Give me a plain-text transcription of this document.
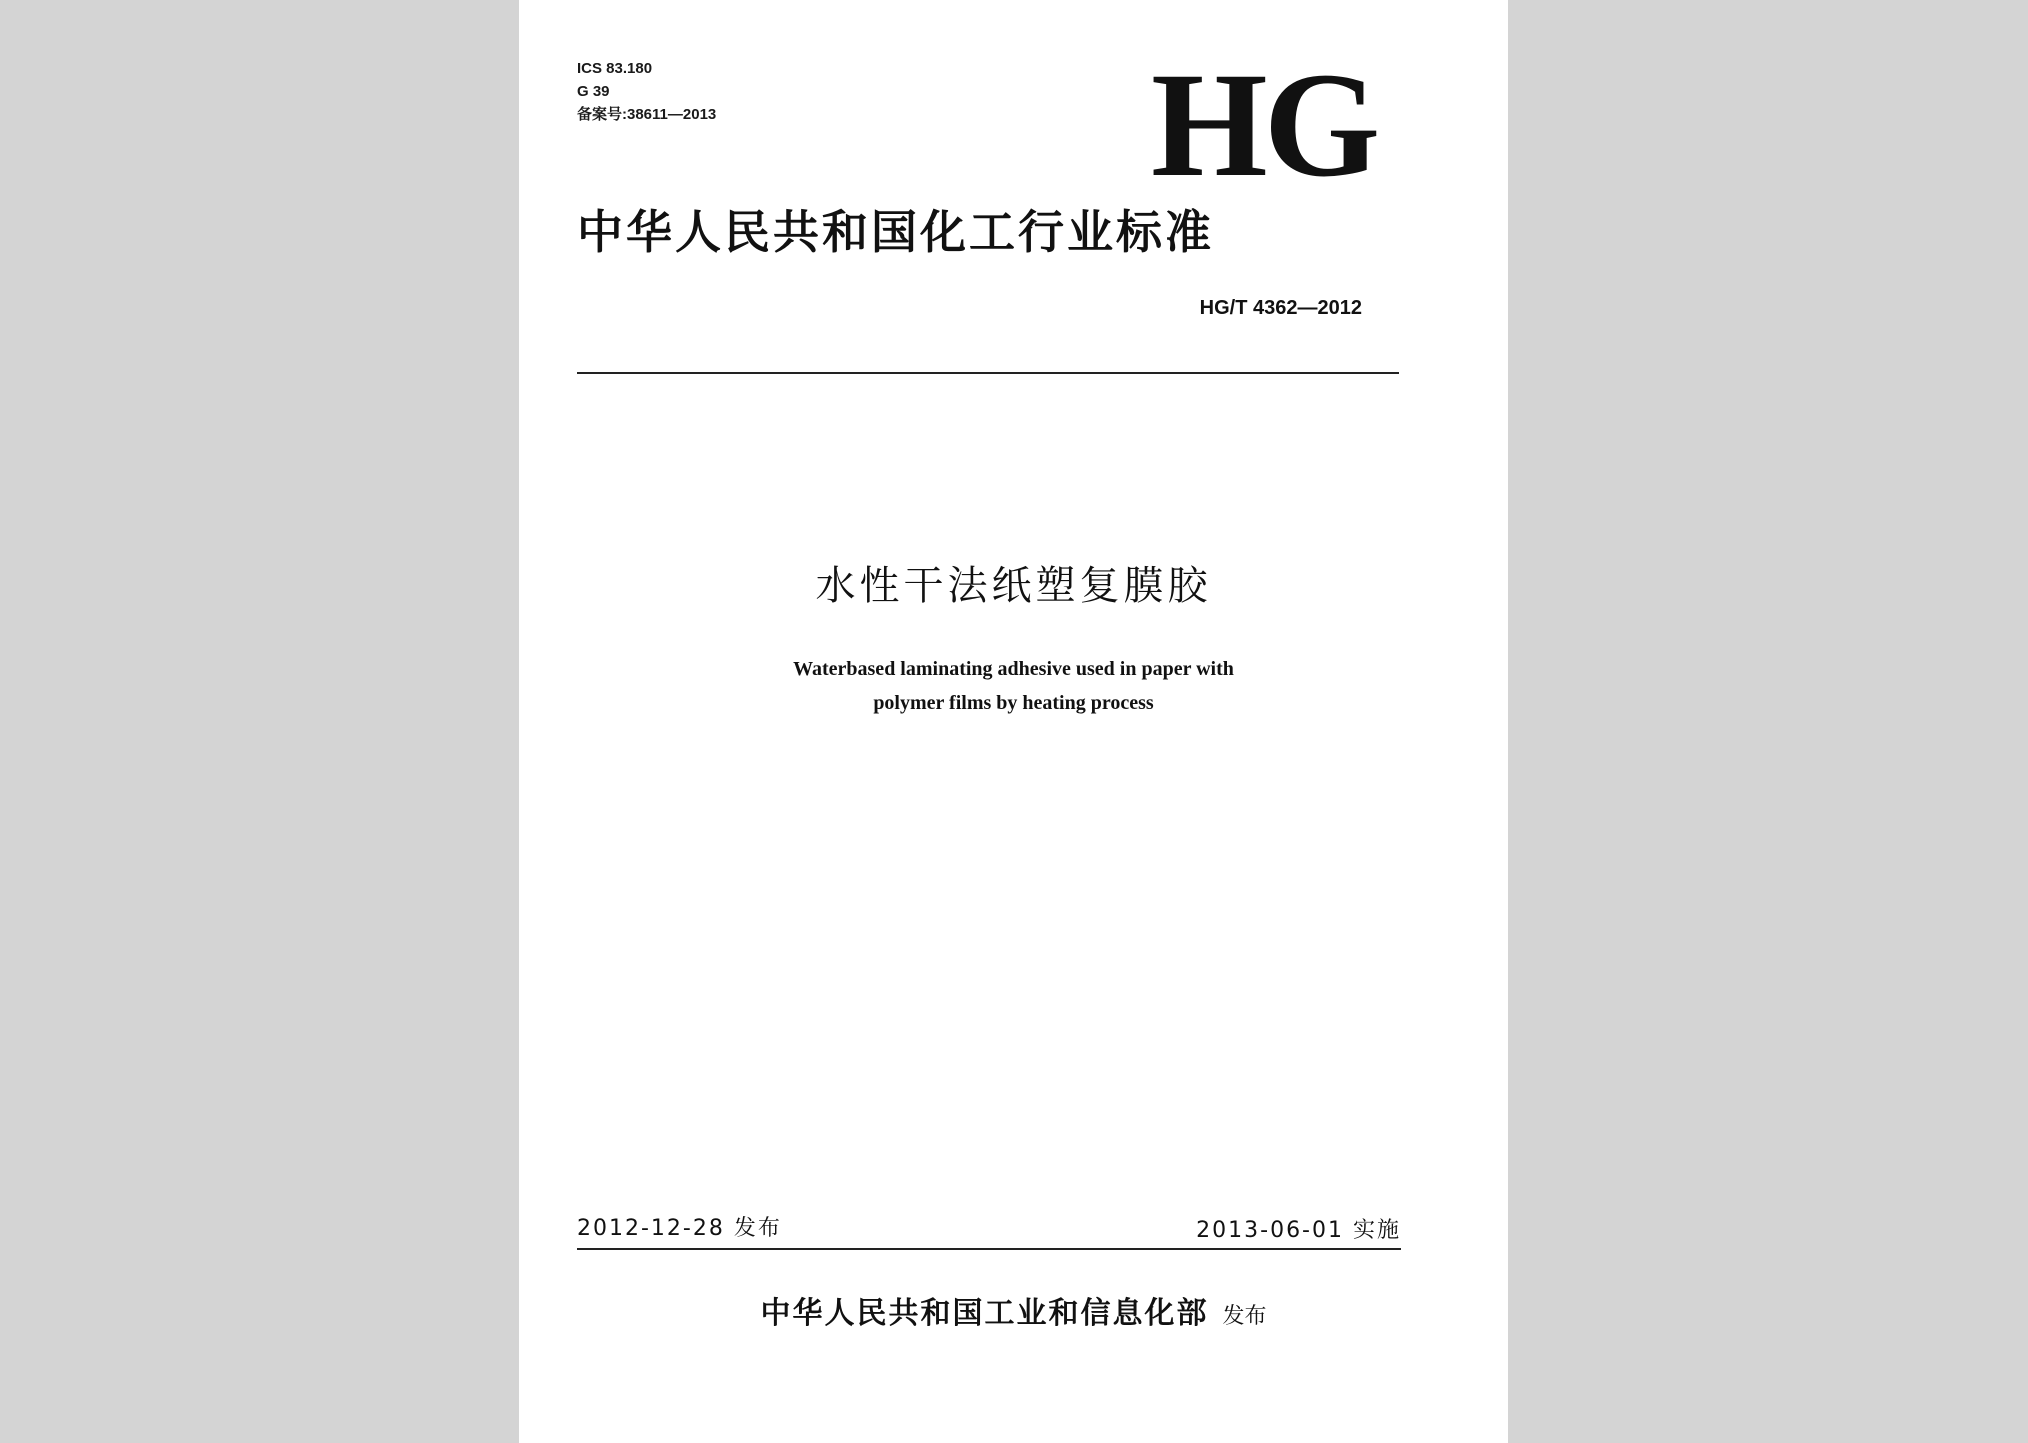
ICS 83.180
G 39
备案号:38611—2013	HG
中华人民共和国化工行业标准
HG/T 4362—2012
水性干法纸塑复膜胶
Waterbased laminating adhesive used in paper with
polymer films by heating process
2012-12-28 发布	2013-06-01 实施
中华人民共和国工业和信息化部 发布
